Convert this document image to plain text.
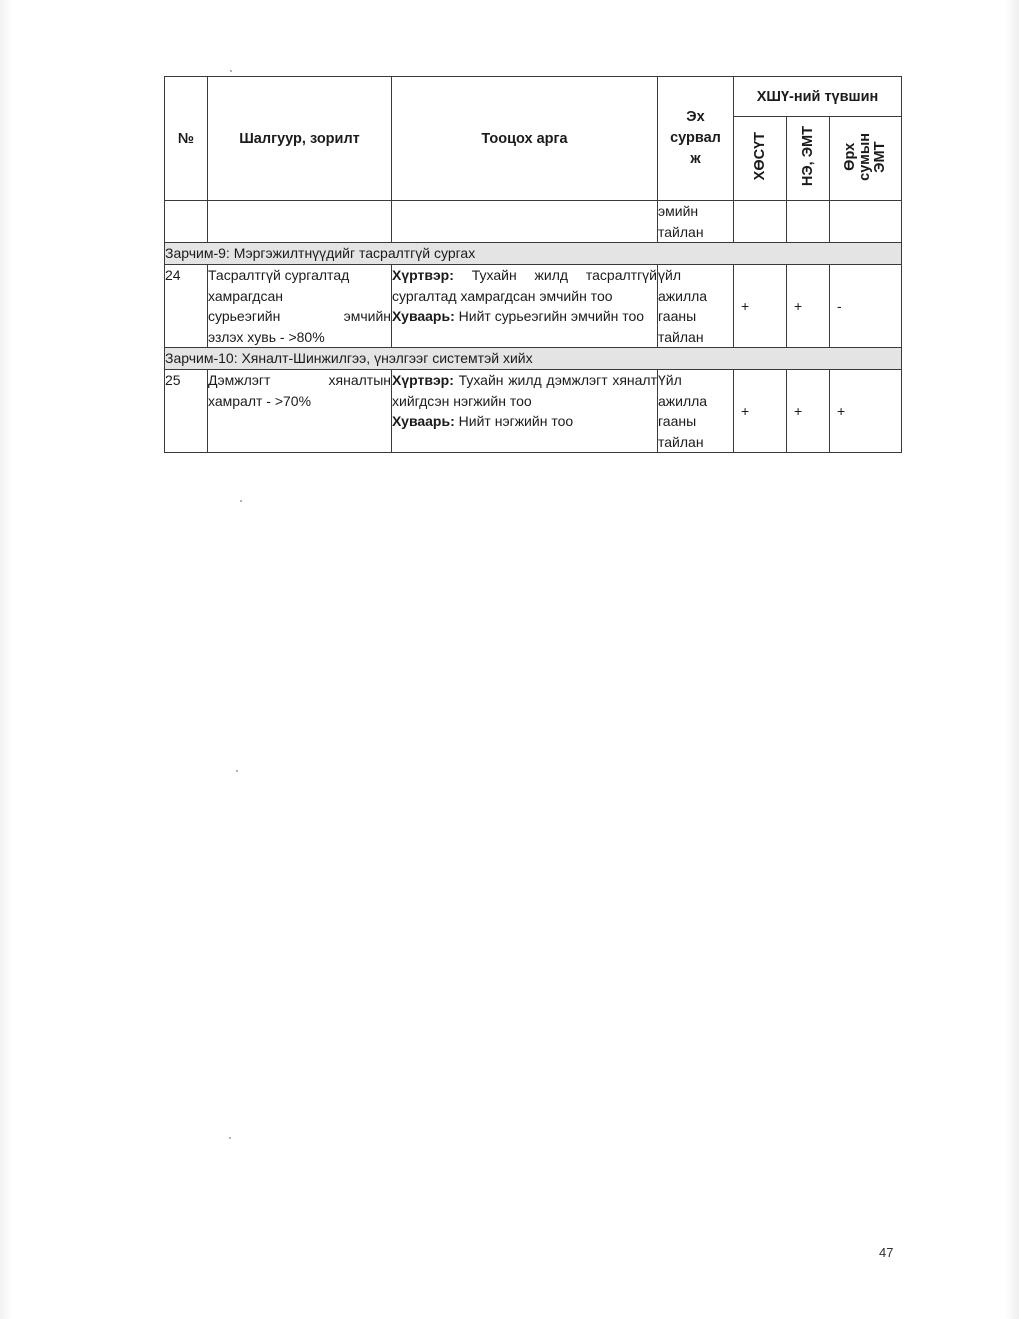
№	Шалгуур, зорилт	Тооцох арга	Эх
сурвал
ж	ХШҮ-ний түвшин		
				ХӨСҮТ	НЭ, ЭМТ	Өрх
сумын
ЭМТ
			эмийн
тайлан			
Зарчим-9: Мэргэжилтнүүдийг тасралтгүй сургах						
24	Тасралтгүй сургалтад
хамрагдсан
сурьеэгийн эмчийн
эзлэх хувь - >80%	Хүртвэр: Тухайн жилд тасралтгүй сургалтад хамрагдсан эмчийн тоо
Хуваарь: Нийт сурьеэгийн эмчийн тоо	үйл
ажилла
гааны
тайлан	+	+	-
Зарчим-10: Хяналт-Шинжилгээ, үнэлгээг системтэй хийх						
25	Дэмжлэгт хяналтын
хамралт - >70%	Хүртвэр: Тухайн жилд дэмжлэгт хяналт хийгдсэн нэгжийн тоо
Хуваарь: Нийт нэгжийн тоо	Үйл
ажилла
гааны
тайлан	+	+	+
47
